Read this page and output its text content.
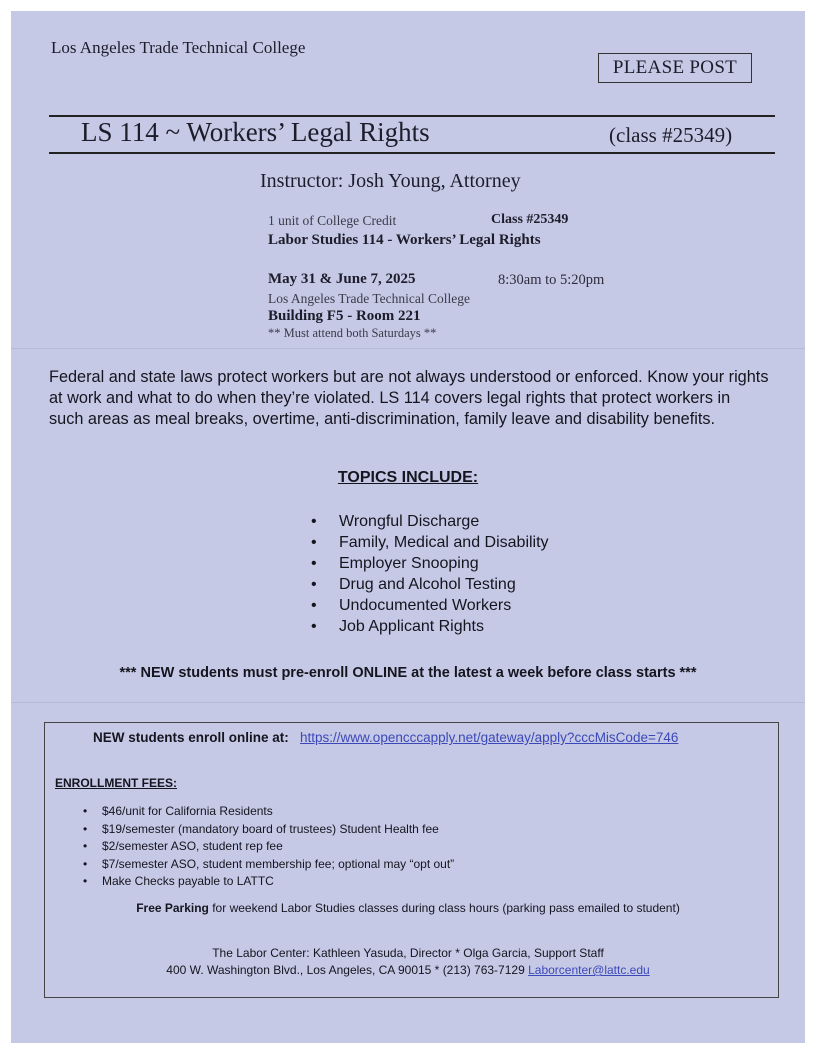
Los Angeles Trade Technical College
PLEASE POST
LS 114 ~ Workers’ Legal Rights	(class #25349)
Instructor: Josh Young, Attorney
1 unit of College Credit	Class #25349
Labor Studies 114 - Workers’ Legal Rights
May 31 & June 7, 2025	8:30am to 5:20pm
Los Angeles Trade Technical College
Building F5 - Room 221
** Must attend both Saturdays **
Federal and state laws protect workers but are not always understood or enforced. Know your rights at work and what to do when they’re violated. LS 114 covers legal rights that protect workers in such areas as meal breaks, overtime, anti-discrimination, family leave and disability benefits.
TOPICS INCLUDE:
• Wrongful Discharge
• Family, Medical and Disability
• Employer Snooping
• Drug and Alcohol Testing
• Undocumented Workers
• Job Applicant Rights
*** NEW students must pre-enroll ONLINE at the latest a week before class starts ***
NEW students enroll online at: https://www.opencccapply.net/gateway/apply?cccMisCode=746
ENROLLMENT FEES:
• $46/unit for California Residents
• $19/semester (mandatory board of trustees) Student Health fee
• $2/semester ASO, student rep fee
• $7/semester ASO, student membership fee; optional may “opt out”
• Make Checks payable to LATTC
Free Parking for weekend Labor Studies classes during class hours (parking pass emailed to student)
The Labor Center: Kathleen Yasuda, Director * Olga Garcia, Support Staff
400 W. Washington Blvd., Los Angeles, CA 90015 * (213) 763-7129 Laborcenter@lattc.edu
